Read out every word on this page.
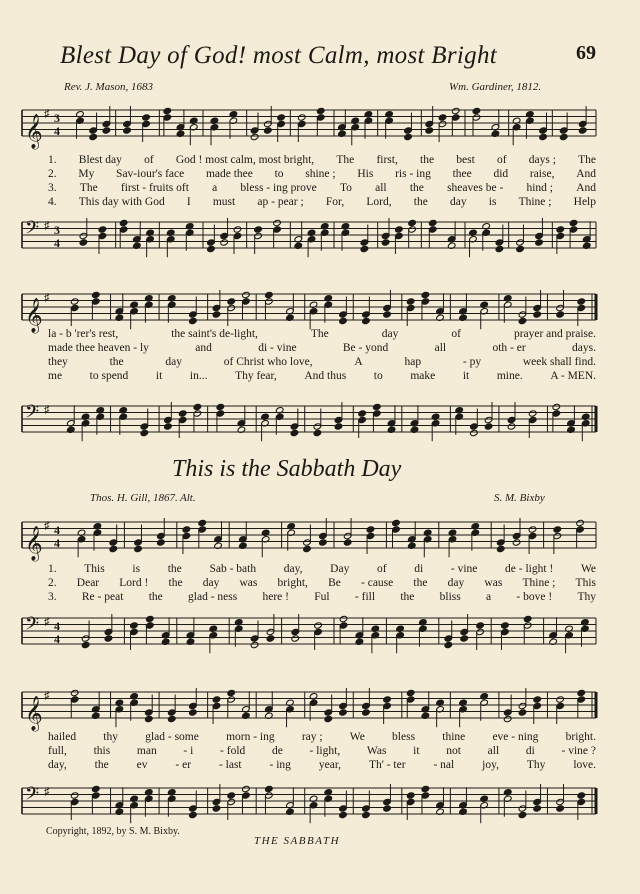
Blest Day of God! most Calm, most Bright	69
Rev. J. Mason, 1683	Wm. Gardiner, 1812.
𝄞 ♯ 3
4
1. Blest day of God ! most calm, most bright, The first, the best of days ; The
2. My Sav-iour's face made thee to shine ; His ris - ing thee did raise, And
3. The first - fruits oft a bless - ing prove To all the sheaves be - hind ; And
4. This day with God I must ap - pear ; For, Lord, the day is Thine ; Help
𝄢 ♯ 3
4
𝄞 ♯
la - b 'rer's rest,	the saint's de-light,	The	day	of	prayer and praise.
made thee heaven - ly	and	di - vine	Be - yond	all	oth - er	days.
they	the	day	of Christ who love,	A	hap	- py	week shall find.
me to spend it in... Thy fear, And thus to make it mine. A - MEN.
𝄢 ♯
This is the Sabbath Day
Thos. H. Gill, 1867. Alt.	S. M. Bixby
𝄞 ♯ 4
4
1. This is the Sab - bath day, Day of di - vine de - light ! We
2. Dear Lord ! the day was bright, Be - cause the day was Thine ; This
3. Re - peat the glad - ness here ! Ful - fill the bliss a - bove ! Thy
𝄢 ♯ 4
4
𝄞 ♯
hailed thy glad - some morn - ing ray ; We bless thine eve - ning bright.
full, this man - i - fold de - light, Was it not all di - vine ?
day, the ev - er - last - ing year, Th' - ter - nal joy, Thy love.
𝄢 ♯
Copyright, 1892, by S. M. Bixby.
THE SABBATH
